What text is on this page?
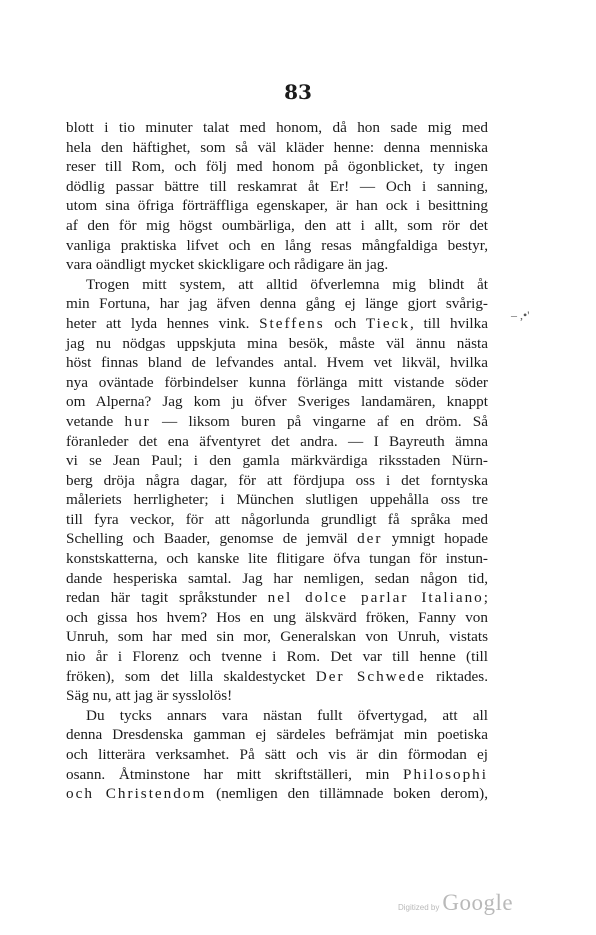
83
blott i tio minuter talat med honom, då hon sade mig med
hela den häftighet, som så väl kläder henne: denna menniska
reser till Rom, och följ med honom på ögonblicket, ty ingen
dödlig passar bättre till reskamrat åt Er! — Och i sanning,
utom sina öfriga förträffliga egenskaper, är han ock i besittning
af den för mig högst oumbärliga, den att i allt, som rör det
vanliga praktiska lifvet och en lång resas mångfaldiga bestyr,
vara oändligt mycket skickligare och rådigare än jag.
Trogen mitt system, att alltid öfverlemna mig blindt åt
min Fortuna, har jag äfven denna gång ej länge gjort svårig-
heter att lyda hennes vink. Steffens och Tieck, till hvilka
jag nu nödgas uppskjuta mina besök, måste väl ännu nästa
höst finnas bland de lefvandes antal. Hvem vet likväl, hvilka
nya oväntade förbindelser kunna förlänga mitt vistande söder
om Alperna? Jag kom ju öfver Sveriges landamären, knappt
vetande hur — liksom buren på vingarne af en dröm. Så
föranleder det ena äfventyret det andra. — I Bayreuth ämna
vi se Jean Paul; i den gamla märkvärdiga riksstaden Nürn-
berg dröja några dagar, för att fördjupa oss i det forntyska
måleriets herrligheter; i München slutligen uppehålla oss tre
till fyra veckor, för att någorlunda grundligt få språka med
Schelling och Baader, genomse de jemväl der ymnigt hopade
konstskatterna, och kanske lite flitigare öfva tungan för instun-
dande hesperiska samtal. Jag har nemligen, sedan någon tid,
redan här tagit språkstunder nel dolce parlar Italiano;
och gissa hos hvem? Hos en ung älskvärd fröken, Fanny von
Unruh, som har med sin mor, Generalskan von Unruh, vistats
nio år i Florenz och tvenne i Rom. Det var till henne (till
fröken), som det lilla skaldestycket Der Schwede riktades.
Säg nu, att jag är sysslolös!
Du tycks annars vara nästan fullt öfvertygad, att all
denna Dresdenska gamman ej särdeles befrämjat min poetiska
och litterära verksamhet. På sätt och vis är din förmodan ej
osann. Åtminstone har mitt skriftställeri, min Philosophi
och Christendom (nemligen den tillämnade boken derom),
– ,•'
Digitized by Google
